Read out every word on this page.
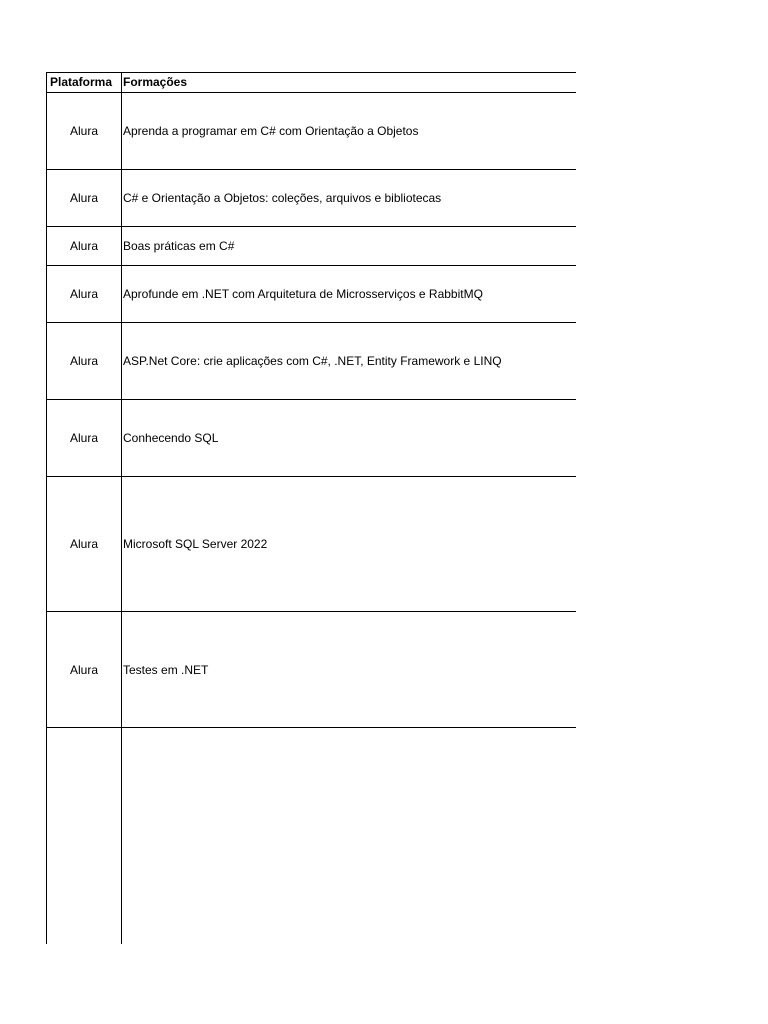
Plataforma	Formações
Alura	Aprenda a programar em C# com Orientação a Objetos
Alura	C# e Orientação a Objetos: coleções, arquivos e bibliotecas
Alura	Boas práticas em C#
Alura	Aprofunde em .NET com Arquitetura de Microsserviços e RabbitMQ
Alura	ASP.Net Core: crie aplicações com C#, .NET, Entity Framework e LINQ
Alura	Conhecendo SQL
Alura	Microsoft SQL Server 2022
Alura	Testes em .NET
